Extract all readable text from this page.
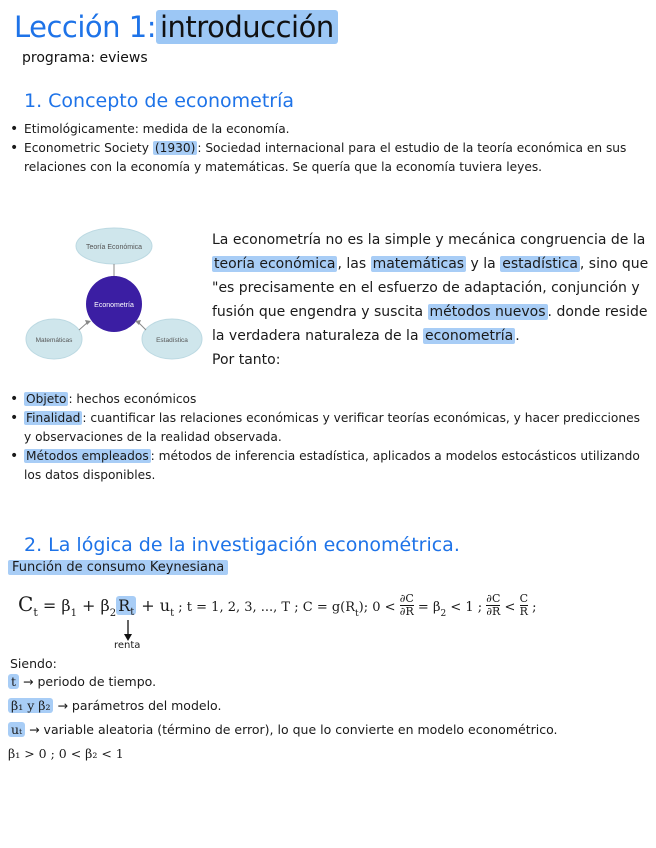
Lección 1: introducción
programa: eviews
1. Concepto de econometría
• Etimológicamente: medida de la economía.
• Econometric Society (1930) : Sociedad internacional para el estudio de la teoría económica en sus relaciones con la economía y matemáticas. Se quería que la economía tuviera leyes.
Teoría Económica
Econometría
Matemáticas	Estadística
La econometría no es la simple y mecánica congruencia de la teoría económica , las matemáticas y la estadística , sino que "es precisamente en el esfuerzo de adaptación, conjunción y fusión que engendra y suscita métodos nuevos . donde reside la verdadera naturaleza de la econometría .
Por tanto:
• Objeto : hechos económicos
• Finalidad : cuantificar las relaciones económicas y verificar teorías económicas, y hacer predicciones y observaciones de la realidad observada.
• Métodos empleados : métodos de inferencia estadística, aplicados a modelos estocásticos utilizando los datos disponibles.
2. La lógica de la investigación econométrica.
Función de consumo Keynesiana
$C_t = \beta_1 + \beta_2$ $R_t + u_t$ ; t = 1, 2, 3, ..., T ; $C = g(R_t)$; $0 < \frac{\partial C}{\partial R} = \beta_2 < 1$ ; $\frac{\partial C}{\partial R} < \frac{C}{R}$ ;
renta
Siendo:
t → periodo de tiempo.
β₁ y β₂ → parámetros del modelo.
uₜ → variable aleatoria (término de error), lo que lo convierte en modelo econométrico.
β₁ > 0 ; 0 < β₂ < 1
